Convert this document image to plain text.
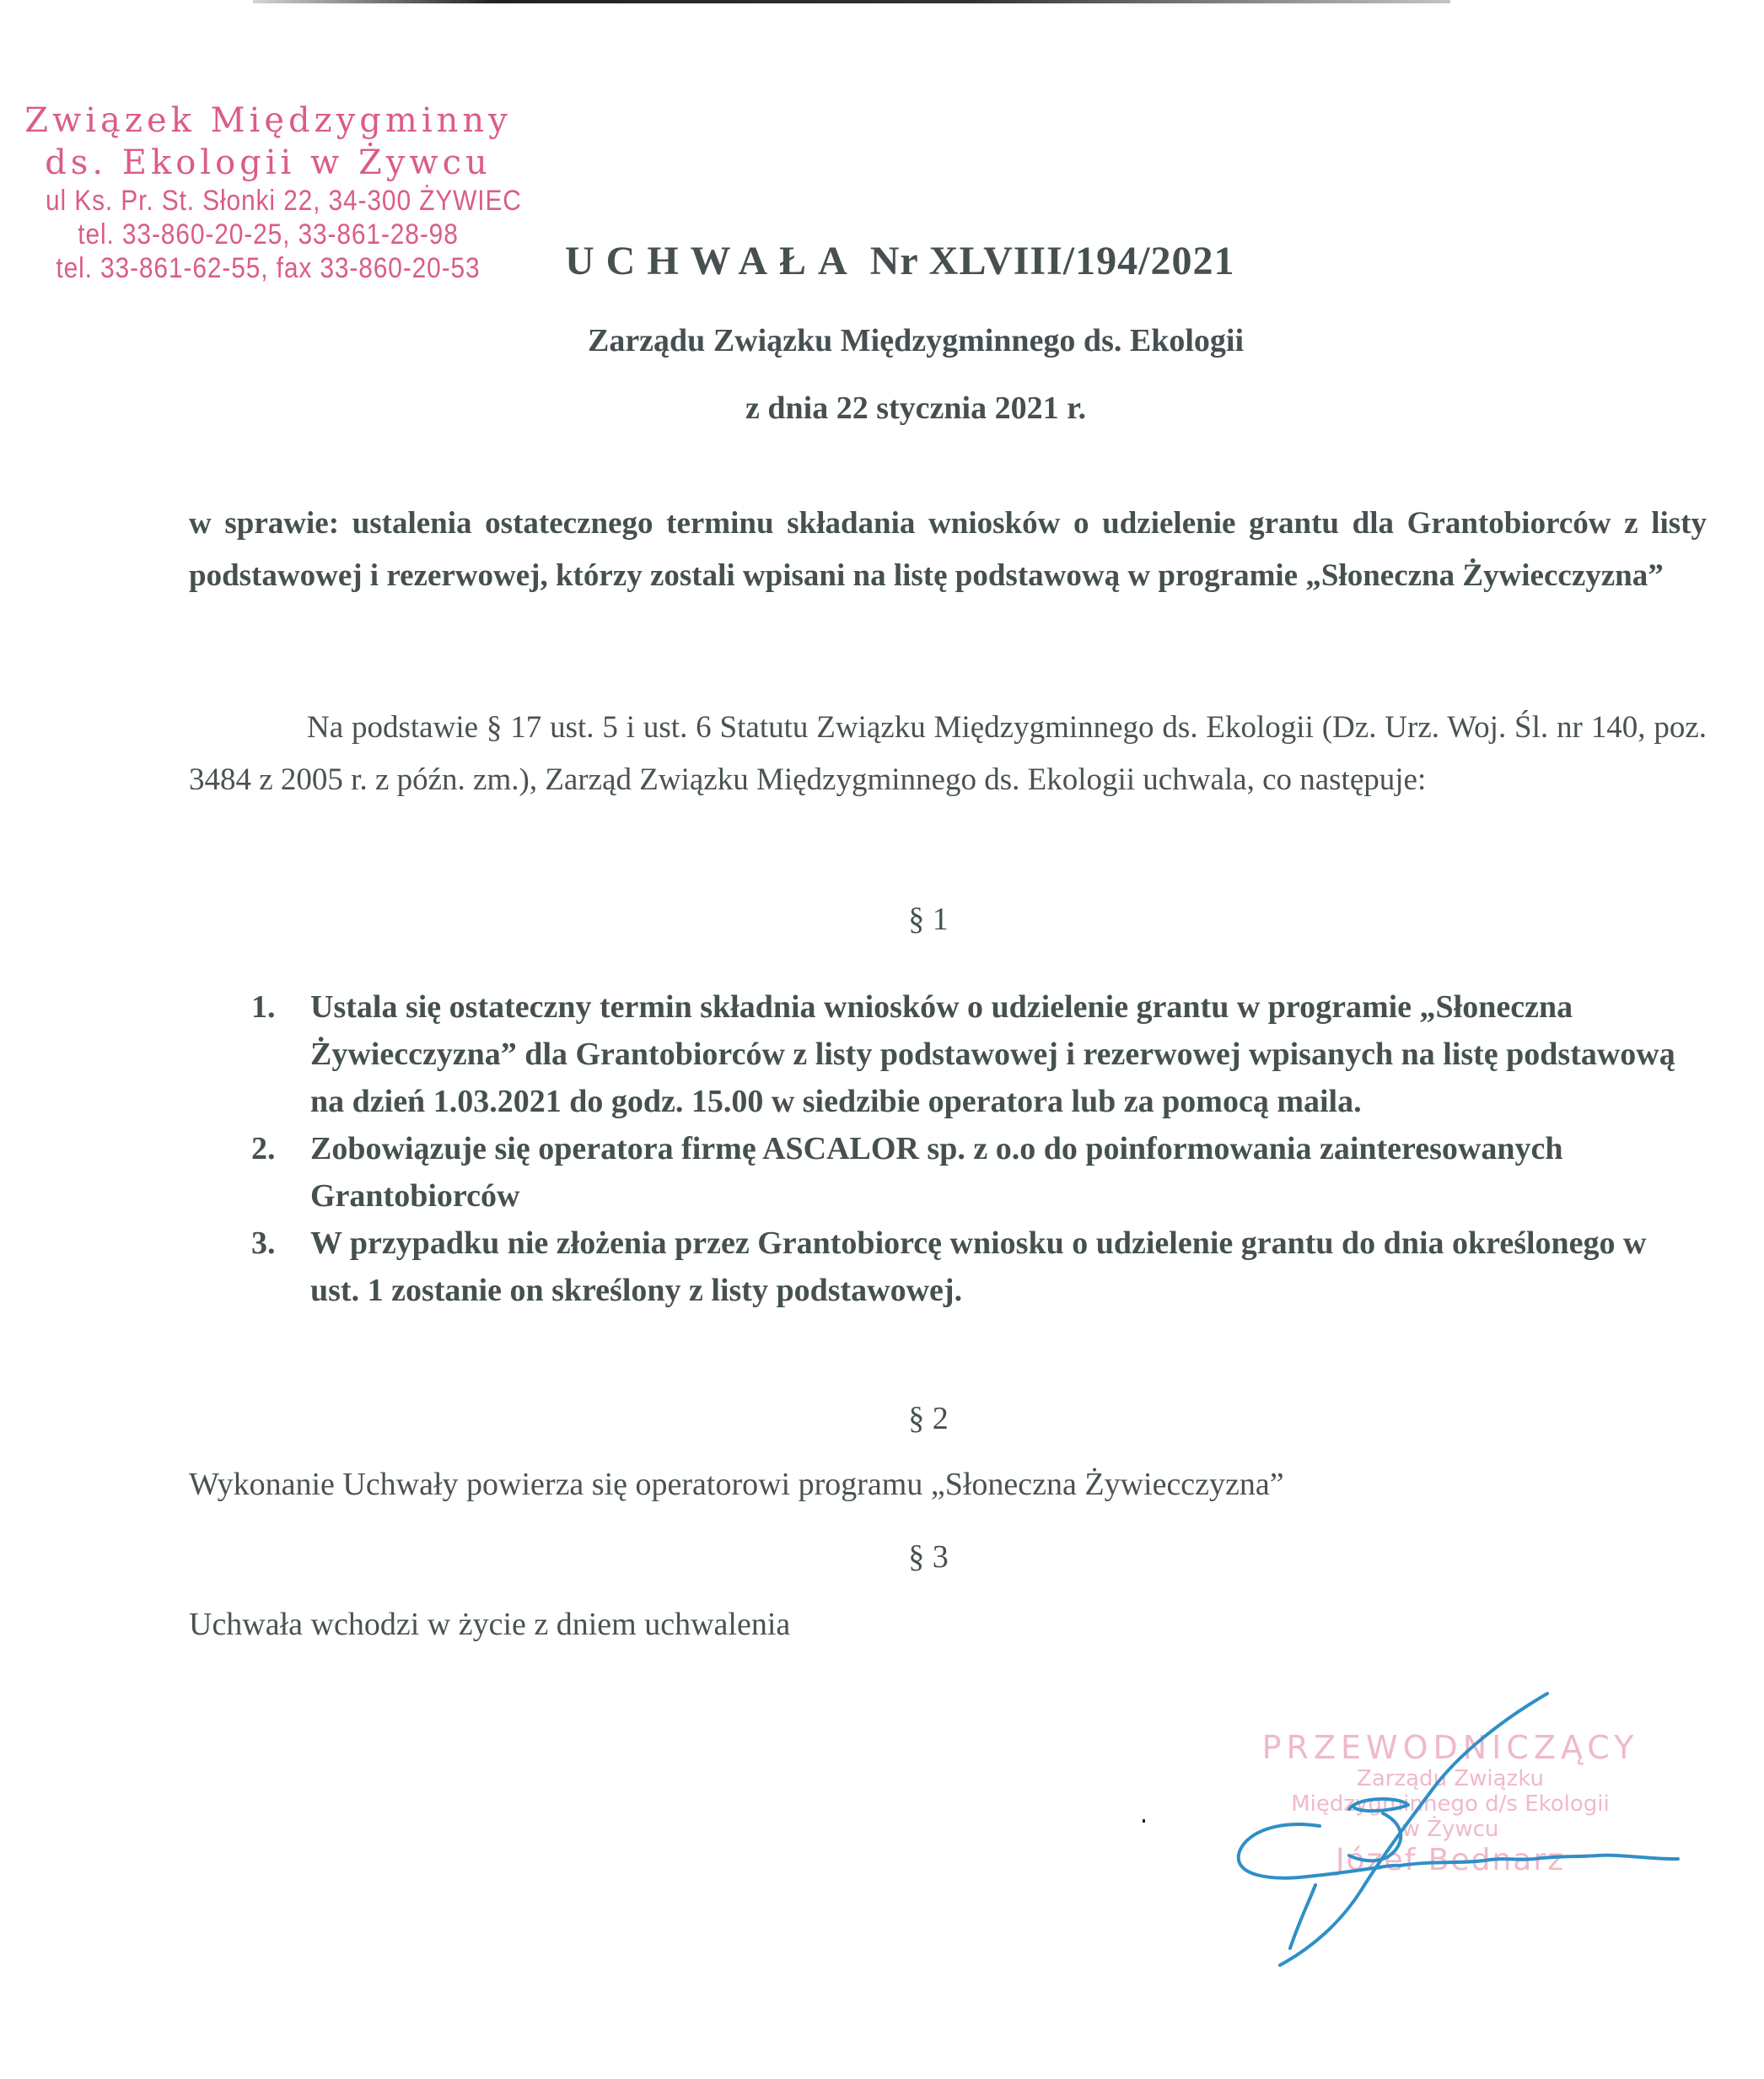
Związek Międzygminny
ds. Ekologii w Żywcu
ul Ks. Pr. St. Słonki 22, 34-300 ŻYWIEC
tel. 33-860-20-25, 33-861-28-98
tel. 33-861-62-55, fax 33-860-20-53 UCHWAŁA Nr XLVIII/194/2021
Zarządu Związku Międzygminnego ds. Ekologii
z dnia 22 stycznia 2021 r.
w sprawie: ustalenia ostatecznego terminu składania wniosków o udzielenie grantu dla Grantobiorców z listy podstawowej i rezerwowej, którzy zostali wpisani na listę podstawową w programie „Słoneczna Żywiecczyzna”
Na podstawie § 17 ust. 5 i ust. 6 Statutu Związku Międzygminnego ds. Ekologii (Dz. Urz. Woj. Śl. nr 140, poz. 3484 z 2005 r. z późn. zm.), Zarząd Związku Międzygminnego ds. Ekologii uchwala, co następuje:
§ 1
1. Ustala się ostateczny termin składnia wniosków o udzielenie grantu w programie „Słoneczna Żywiecczyzna” dla Grantobiorców z listy podstawowej i rezerwowej wpisanych na listę podstawową na dzień 1.03.2021 do godz. 15.00 w siedzibie operatora lub za pomocą maila.
2. Zobowiązuje się operatora firmę ASCALOR sp. z o.o do poinformowania zainteresowanych Grantobiorców
3. W przypadku nie złożenia przez Grantobiorcę wniosku o udzielenie grantu do dnia określonego w ust. 1 zostanie on skreślony z listy podstawowej.
§ 2
Wykonanie Uchwały powierza się operatorowi programu „Słoneczna Żywiecczyzna”
§ 3
Uchwała wchodzi w życie z dniem uchwalenia
PRZEWODNICZĄCY
Zarządu Związku
Międzygminnego d/s Ekologii
w Żywcu
Józef Bednarz
